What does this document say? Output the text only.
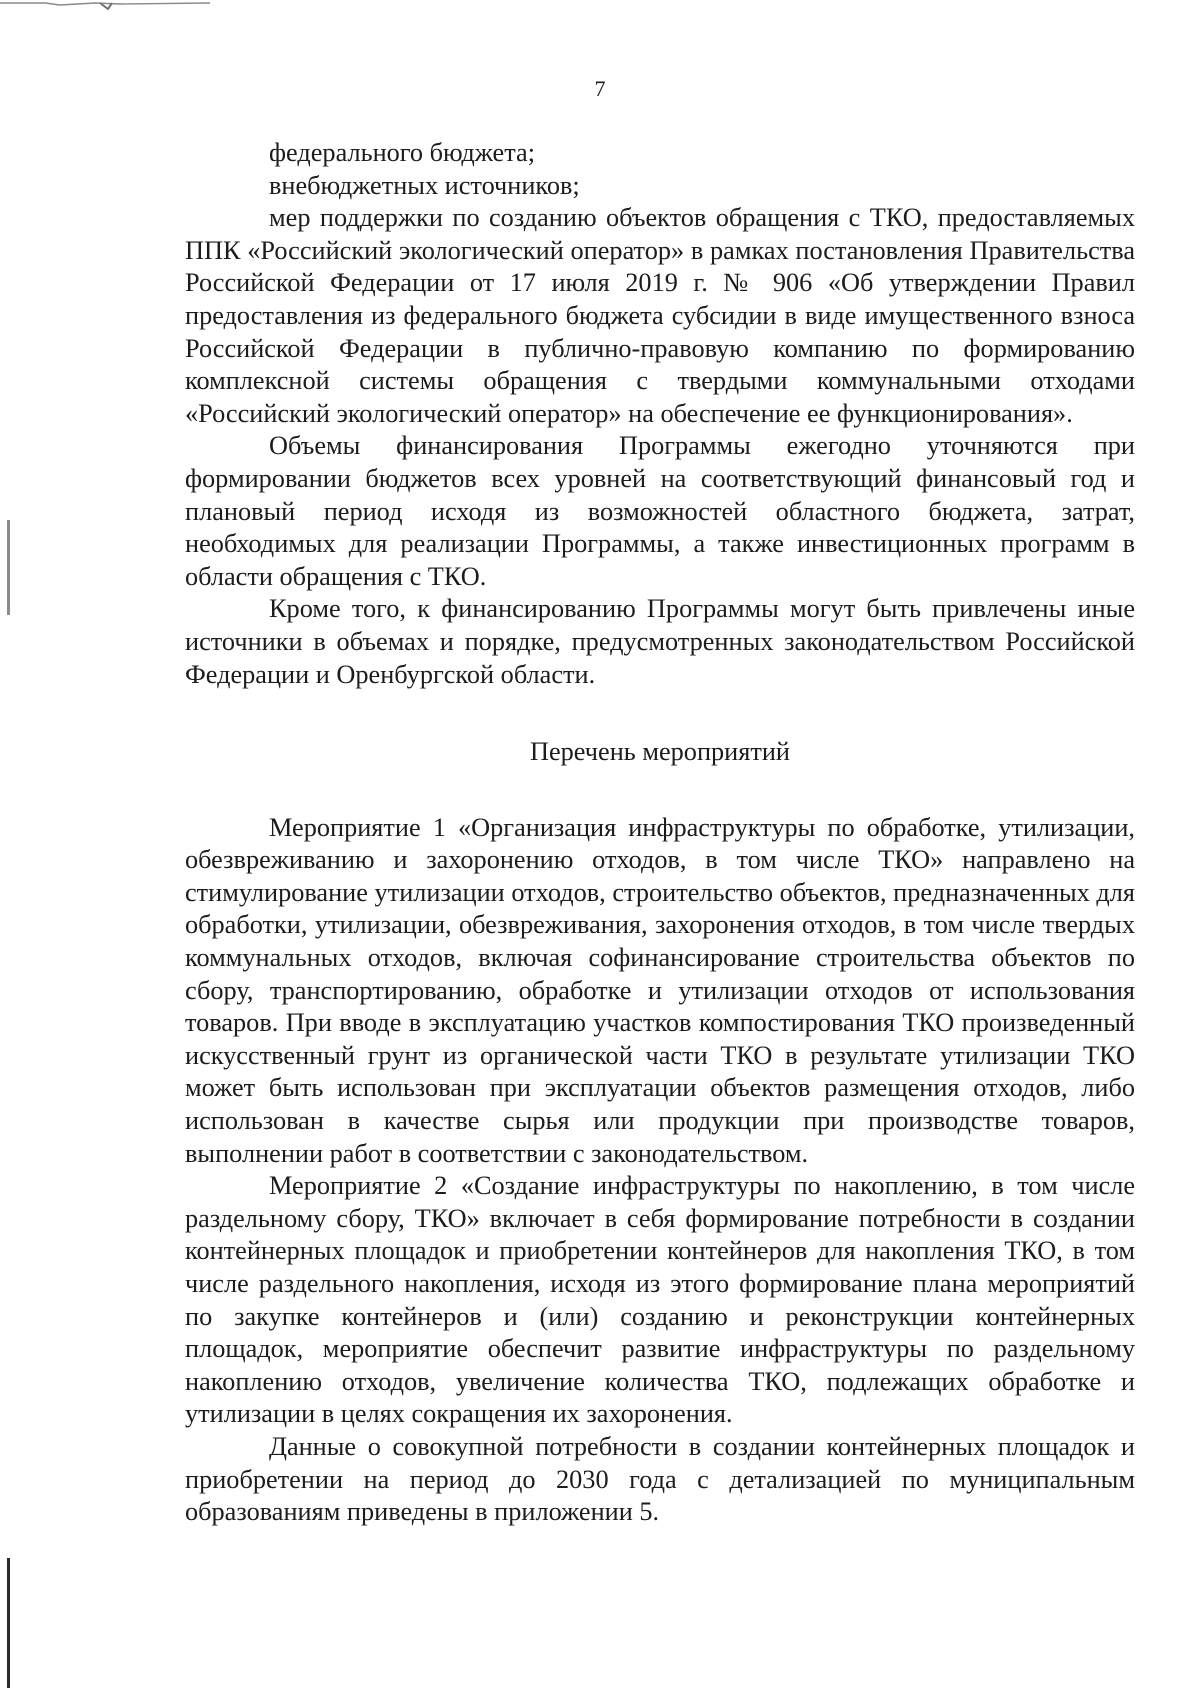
7

федерального бюджета;

внебюджетных источников;

мер поддержки по созданию объектов обращения с ТКО, предоставляемых ППК «Российский экологический оператор» в рамках постановления Правительства Российской Федерации от 17 июля 2019 г. № 906 «Об утверждении Правил предоставления из федерального бюджета субсидии в виде имущественного взноса Российской Федерации в публично-правовую компанию по формированию комплексной системы обращения с твердыми коммунальными отходами «Российский экологический оператор» на обеспечение ее функционирования».

Объемы финансирования Программы ежегодно уточняются при формировании бюджетов всех уровней на соответствующий финансовый год и плановый период исходя из возможностей областного бюджета, затрат, необходимых для реализации Программы, а также инвестиционных программ в области обращения с ТКО.

Кроме того, к финансированию Программы могут быть привлечены иные источники в объемах и порядке, предусмотренных законодательством Российской Федерации и Оренбургской области.

Перечень мероприятий

Мероприятие 1 «Организация инфраструктуры по обработке, утилизации, обезвреживанию и захоронению отходов, в том числе ТКО» направлено на стимулирование утилизации отходов, строительство объектов, предназначенных для обработки, утилизации, обезвреживания, захоронения отходов, в том числе твердых коммунальных отходов, включая софинансирование строительства объектов по сбору, транспортированию, обработке и утилизации отходов от использования товаров. При вводе в эксплуатацию участков компостирования ТКО произведенный искусственный грунт из органической части ТКО в результате утилизации ТКО может быть использован при эксплуатации объектов размещения отходов, либо использован в качестве сырья или продукции при производстве товаров, выполнении работ в соответствии с законодательством.

Мероприятие 2 «Создание инфраструктуры по накоплению, в том числе раздельному сбору, ТКО» включает в себя формирование потребности в создании контейнерных площадок и приобретении контейнеров для накопления ТКО, в том числе раздельного накопления, исходя из этого формирование плана мероприятий по закупке контейнеров и (или) созданию и реконструкции контейнерных площадок, мероприятие обеспечит развитие инфраструктуры по раздельному накоплению отходов, увеличение количества ТКО, подлежащих обработке и утилизации в целях сокращения их захоронения.

Данные о совокупной потребности в создании контейнерных площадок и приобретении на период до 2030 года с детализацией по муниципальным образованиям приведены в приложении 5.
